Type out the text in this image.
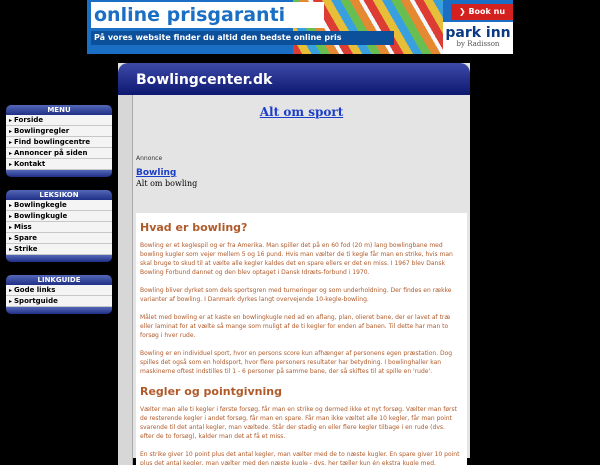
online prisgaranti
På vores website finder du altid den bedste online pris
❯ Book nu
park inn
by Radisson
MENU
▸ Forside
▸ Bowlingregler
▸ Find bowlingcentre
▸ Annoncer på siden
▸ Kontakt
LEKSIKON
▸ Bowlingkegle
▸ Bowlingkugle
▸ Miss
▸ Spare
▸ Strike
LINKGUIDE
▸ Gode links
▸ Sportguide
Bowlingcenter.dk
Alt om sport
Annonce
Bowling
Alt om bowling
Hvad er bowling?

Bowling er et keglespil og er fra Amerika. Man spiller det på en 60 fod (20 m) lang bowlingbane med bowling kugler som vejer mellem 5 og 16 pund. Hvis man vælter de ti kegle får man en strike, hvis man skal bruge to skud til at vælte alle kegler kaldes det en spare ellers er det en miss. I 1967 blev Dansk Bowling Forbund dannet og den blev optaget i Dansk Idræts-forbund i 1970.

Bowling bliver dyrket som dels sportsgren med turneringer og som underholdning. Der findes en række varianter af bowling. I Danmark dyrkes langt overvejende 10-kegle-bowling.

Målet med bowling er at kaste en bowlingkugle ned ad en aflang, plan, olieret bane, der er lavet af træ eller laminat for at vælte så mange som muligt af de ti kegler for enden af banen. Til dette har man to forsøg i hver rude.

Bowling er en individuel sport, hvor en persons score kun afhænger af personens egen præstation. Dog spilles det også som en holdsport, hvor flere personers resultater har betydning. I bowlinghaller kan maskinerne oftest indstilles til 1 - 6 personer på samme bane, der så skiftes til at spille en 'rude'.

Regler og pointgivning

Vælter man alle ti kegler i første forsøg, får man en strike og dermed ikke et nyt forsøg. Vælter man først de resterende kegler i andet forsøg, får man en spare. Får man ikke væltet alle 10 kegler, får man point svarende til det antal kegler, man væltede. Står der stadig en eller flere kegler tilbage i en rude (dvs. efter de to forsøg), kalder man det at få et miss.

En strike giver 10 point plus det antal kegler, man vælter med de to næste kugler. En spare giver 10 point plus det antal kegler, man vælter med den næste kugle - dvs. her tæller kun én ekstra kugle med.
